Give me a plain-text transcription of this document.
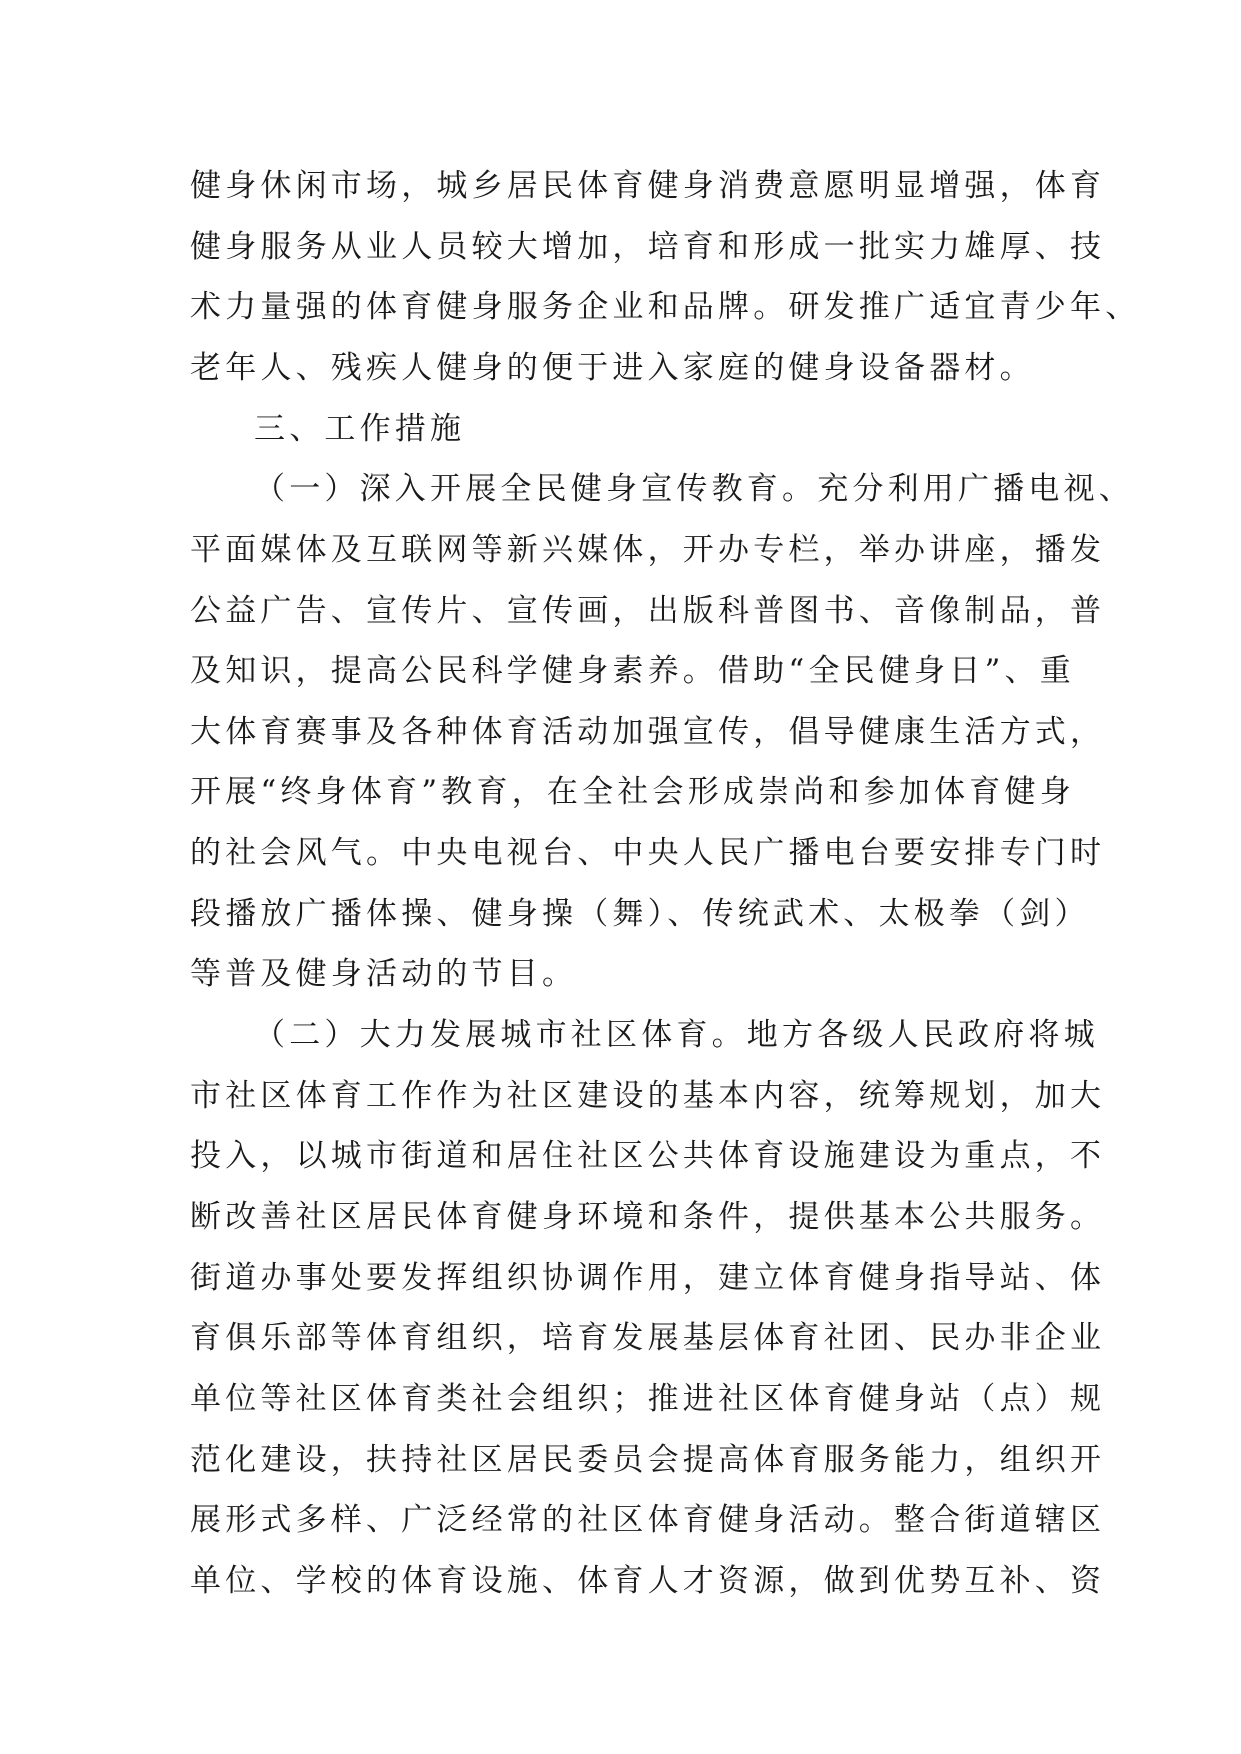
健身休闲市场，城乡居民体育健身消费意愿明显增强，体育
健身服务从业人员较大增加，培育和形成一批实力雄厚、技
术力量强的体育健身服务企业和品牌。研发推广适宜青少年、
老年人、残疾人健身的便于进入家庭的健身设备器材。
三、工作措施
（一）深入开展全民健身宣传教育。充分利用广播电视、
平面媒体及互联网等新兴媒体，开办专栏，举办讲座，播发
公益广告、宣传片、宣传画，出版科普图书、音像制品，普
及知识，提高公民科学健身素养。借助“全民健身日”、重
大体育赛事及各种体育活动加强宣传，倡导健康生活方式，
开展“终身体育”教育，在全社会形成崇尚和参加体育健身
的社会风气。中央电视台、中央人民广播电台要安排专门时
段播放广播体操、健身操（舞）、传统武术、太极拳（剑）
等普及健身活动的节目。
（二）大力发展城市社区体育。地方各级人民政府将城
市社区体育工作作为社区建设的基本内容，统筹规划，加大
投入，以城市街道和居住社区公共体育设施建设为重点，不
断改善社区居民体育健身环境和条件，提供基本公共服务。
街道办事处要发挥组织协调作用，建立体育健身指导站、体
育俱乐部等体育组织，培育发展基层体育社团、民办非企业
单位等社区体育类社会组织；推进社区体育健身站（点）规
范化建设，扶持社区居民委员会提高体育服务能力，组织开
展形式多样、广泛经常的社区体育健身活动。整合街道辖区
单位、学校的体育设施、体育人才资源，做到优势互补、资
